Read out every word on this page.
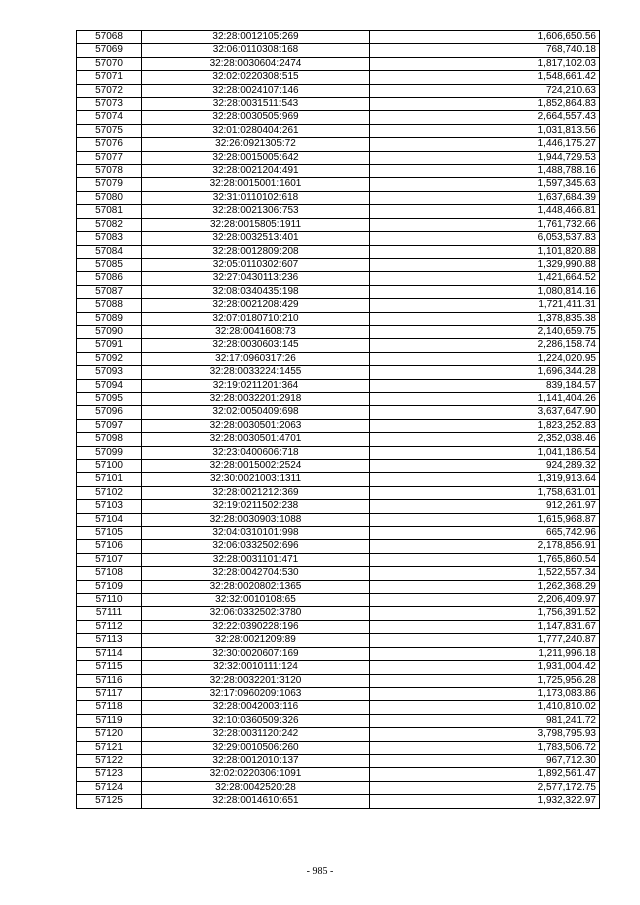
57068	32:28:0012105:269	1,606,650.56
57069	32:06:0110308:168	768,740.18
57070	32:28:0030604:2474	1,817,102.03
57071	32:02:0220308:515	1,548,661.42
57072	32:28:0024107:146	724,210.63
57073	32:28:0031511:543	1,852,864.83
57074	32:28:0030505:969	2,664,557.43
57075	32:01:0280404:261	1,031,813.56
57076	32:26:0921305:72	1,446,175.27
57077	32:28:0015005:642	1,944,729.53
57078	32:28:0021204:491	1,488,788.16
57079	32:28:0015001:1601	1,597,345.63
57080	32:31:0110102:618	1,637,684.39
57081	32:28:0021306:753	1,448,466.81
57082	32:28:0015805:1911	1,761,732.66
57083	32:28:0032513:401	6,053,537.83
57084	32:28:0012809:208	1,101,820.88
57085	32:05:0110302:607	1,329,990.88
57086	32:27:0430113:236	1,421,664.52
57087	32:08:0340435:198	1,080,814.16
57088	32:28:0021208:429	1,721,411.31
57089	32:07:0180710:210	1,378,835.38
57090	32:28:0041608:73	2,140,659.75
57091	32:28:0030603:145	2,286,158.74
57092	32:17:0960317:26	1,224,020.95
57093	32:28:0033224:1455	1,696,344.28
57094	32:19:0211201:364	839,184.57
57095	32:28:0032201:2918	1,141,404.26
57096	32:02:0050409:698	3,637,647.90
57097	32:28:0030501:2063	1,823,252.83
57098	32:28:0030501:4701	2,352,038.46
57099	32:23:0400606:718	1,041,186.54
57100	32:28:0015002:2524	924,289.32
57101	32:30:0021003:1311	1,319,913.64
57102	32:28:0021212:369	1,758,631.01
57103	32:19:0211502:238	912,261.97
57104	32:28:0030903:1088	1,615,968.87
57105	32:04:0310101:998	665,742.96
57106	32:06:0332502:696	2,178,856.91
57107	32:28:0031101:471	1,765,860.54
57108	32:28:0042704:530	1,522,557.34
57109	32:28:0020802:1365	1,262,368.29
57110	32:32:0010108:65	2,206,409.97
57111	32:06:0332502:3780	1,756,391.52
57112	32:22:0390228:196	1,147,831.67
57113	32:28:0021209:89	1,777,240.87
57114	32:30:0020607:169	1,211,996.18
57115	32:32:0010111:124	1,931,004.42
57116	32:28:0032201:3120	1,725,956.28
57117	32:17:0960209:1063	1,173,083.86
57118	32:28:0042003:116	1,410,810.02
57119	32:10:0360509:326	981,241.72
57120	32:28:0031120:242	3,798,795.93
57121	32:29:0010506:260	1,783,506.72
57122	32:28:0012010:137	967,712.30
57123	32:02:0220306:1091	1,892,561.47
57124	32:28:0042520:28	2,577,172.75
57125	32:28:0014610:651	1,932,322.97
- 985 -
